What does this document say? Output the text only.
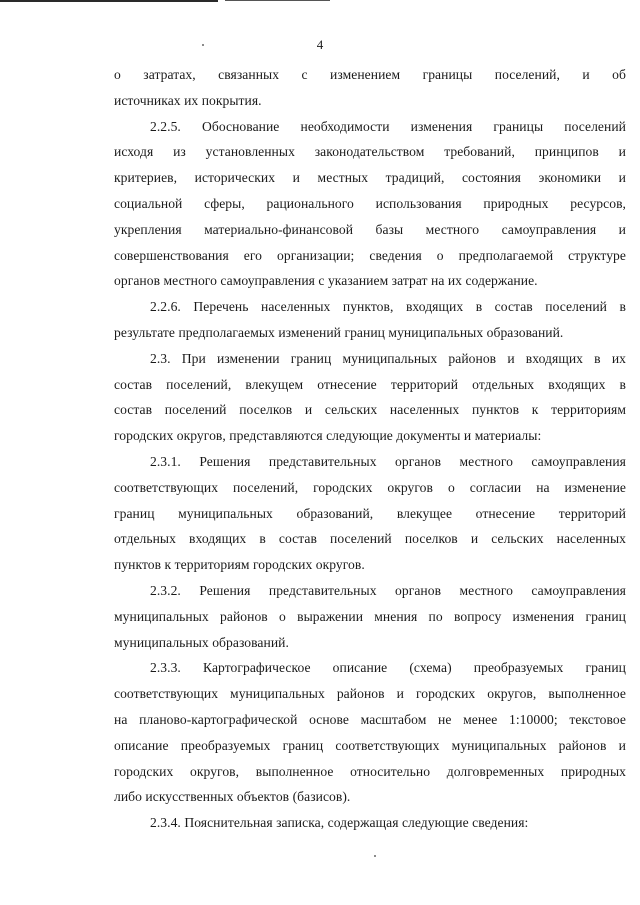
4
о затратах, связанных с изменением границы поселений, и об
источниках их покрытия.
2.2.5. Обоснование необходимости изменения границы поселений
исходя из установленных законодательством требований, принципов и
критериев, исторических и местных традиций, состояния экономики и
социальной сферы, рационального использования природных ресурсов,
укрепления материально-финансовой базы местного самоуправления и
совершенствования его организации; сведения о предполагаемой структуре
органов местного самоуправления с указанием затрат на их содержание.
2.2.6. Перечень населенных пунктов, входящих в состав поселений в
результате предполагаемых изменений границ муниципальных образований.
2.3. При изменении границ муниципальных районов и входящих в их
состав поселений, влекущем отнесение территорий отдельных входящих в
состав поселений поселков и сельских населенных пунктов к территориям
городских округов, представляются следующие документы и материалы:
2.3.1. Решения представительных органов местного самоуправления
соответствующих поселений, городских округов о согласии на изменение
границ муниципальных образований, влекущее отнесение территорий
отдельных входящих в состав поселений поселков и сельских населенных
пунктов к территориям городских округов.
2.3.2. Решения представительных органов местного самоуправления
муниципальных районов о выражении мнения по вопросу изменения границ
муниципальных образований.
2.3.3. Картографическое описание (схема) преобразуемых границ
соответствующих муниципальных районов и городских округов, выполненное
на планово-картографической основе масштабом не менее 1:10000; текстовое
описание преобразуемых границ соответствующих муниципальных районов и
городских округов, выполненное относительно долговременных природных
либо искусственных объектов (базисов).
2.3.4. Пояснительная записка, содержащая следующие сведения:
